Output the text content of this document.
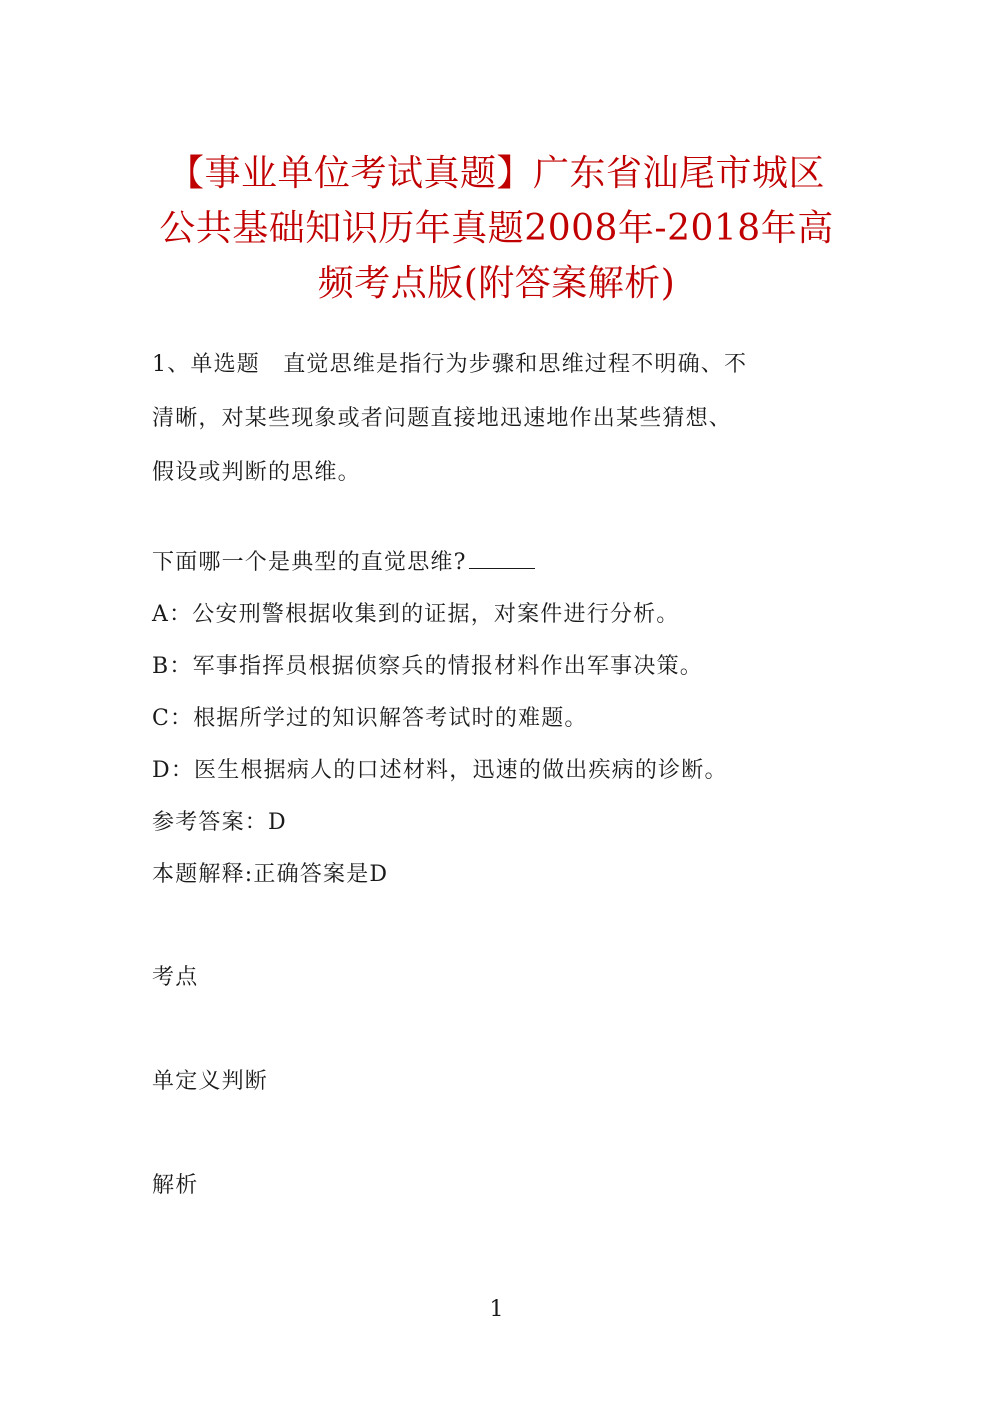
【事业单位考试真题】广东省汕尾市城区
公共基础知识历年真题2008年-2018年高
频考点版(附答案解析)
1、单选题　直觉思维是指行为步骤和思维过程不明确、不
清晰，对某些现象或者问题直接地迅速地作出某些猜想、
假设或判断的思维。
下面哪一个是典型的直觉思维?
A：公安刑警根据收集到的证据，对案件进行分析。
B：军事指挥员根据侦察兵的情报材料作出军事决策。
C：根据所学过的知识解答考试时的难题。
D：医生根据病人的口述材料，迅速的做出疾病的诊断。
参考答案：D
本题解释:正确答案是D
考点
单定义判断
解析
1
